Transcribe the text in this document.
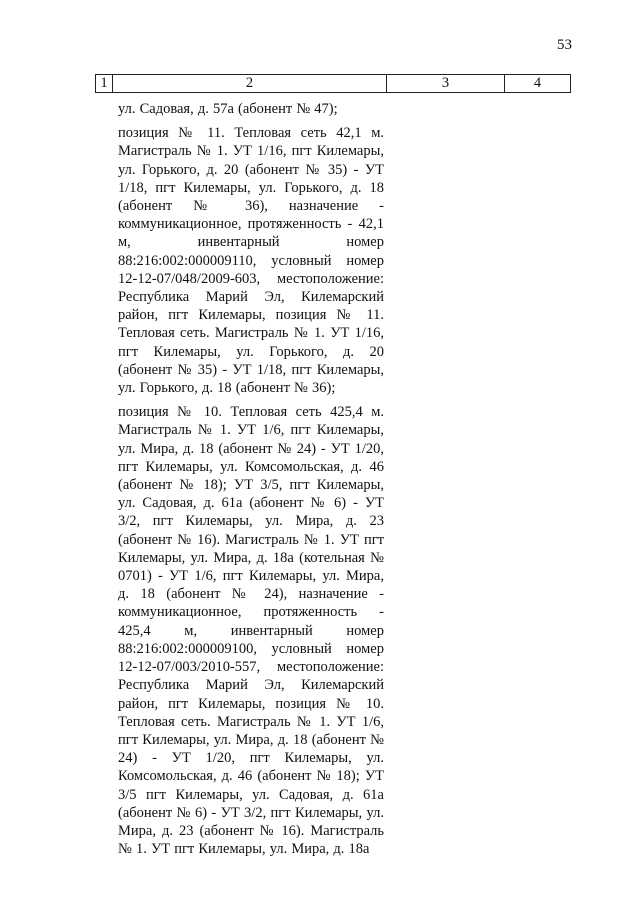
53
1	2	3	4

ул. Садовая, д. 57а (абонент № 47);

позиция № 11. Тепловая сеть 42,1 м. Магистраль № 1. УТ 1/16, пгт Килемары, ул. Горького, д. 20 (абонент № 35) - УТ 1/18, пгт Килемары, ул. Горького, д. 18 (абонент № 36), назначение - коммуникационное, протяженность - 42,1 м, инвентарный номер 88:216:002:000009110, условный номер 12-12-07/048/2009-603, местоположение: Республика Марий Эл, Килемарский район, пгт Килемары, позиция № 11. Тепловая сеть. Магистраль № 1. УТ 1/16, пгт Килемары, ул. Горького, д. 20 (абонент № 35) - УТ 1/18, пгт Килемары, ул. Горького, д. 18 (абонент № 36);

позиция № 10. Тепловая сеть 425,4 м. Магистраль № 1. УТ 1/6, пгт Килемары, ул. Мира, д. 18 (абонент № 24) - УТ 1/20, пгт Килемары, ул. Комсомольская, д. 46 (абонент № 18); УТ 3/5, пгт Килемары, ул. Садовая, д. 61а (абонент № 6) - УТ 3/2, пгт Килемары, ул. Мира, д. 23 (абонент № 16). Магистраль № 1. УТ пгт Килемары, ул. Мира, д. 18а (котельная № 0701) - УТ 1/6, пгт Килемары, ул. Мира, д. 18 (абонент № 24), назначение - коммуникационное, протяженность - 425,4 м, инвентарный номер 88:216:002:000009100, условный номер 12-12-07/003/2010-557, местоположение: Республика Марий Эл, Килемарский район, пгт Килемары, позиция № 10. Тепловая сеть. Магистраль № 1. УТ 1/6, пгт Килемары, ул. Мира, д. 18 (абонент № 24) - УТ 1/20, пгт Килемары, ул. Комсомольская, д. 46 (абонент № 18); УТ 3/5 пгт Килемары, ул. Садовая, д. 61а (абонент № 6) - УТ 3/2, пгт Килемары, ул. Мира, д. 23 (абонент № 16). Магистраль № 1. УТ пгт Килемары, ул. Мира, д. 18а
